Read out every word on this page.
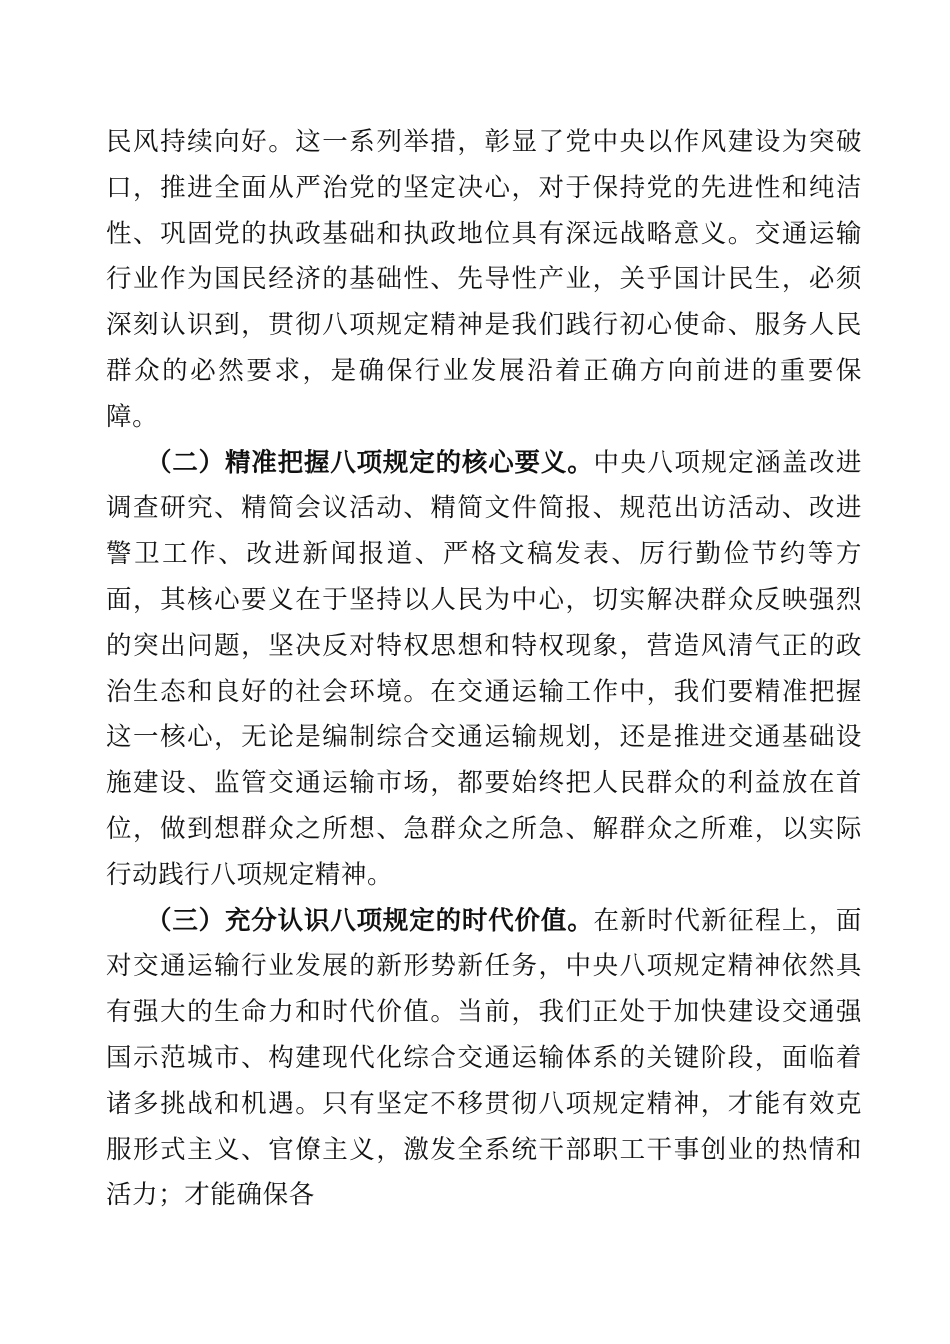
民风持续向好。这一系列举措，彰显了党中央以作风建设为突破口，推进全面从严治党的坚定决心，对于保持党的先进性和纯洁性、巩固党的执政基础和执政地位具有深远战略意义。交通运输行业作为国民经济的基础性、先导性产业，关乎国计民生，必须深刻认识到，贯彻八项规定精神是我们践行初心使命、服务人民群众的必然要求，是确保行业发展沿着正确方向前进的重要保障。

（二）精准把握八项规定的核心要义。中央八项规定涵盖改进调查研究、精简会议活动、精简文件简报、规范出访活动、改进警卫工作、改进新闻报道、严格文稿发表、厉行勤俭节约等方面，其核心要义在于坚持以人民为中心，切实解决群众反映强烈的突出问题，坚决反对特权思想和特权现象，营造风清气正的政治生态和良好的社会环境。在交通运输工作中，我们要精准把握这一核心，无论是编制综合交通运输规划，还是推进交通基础设施建设、监管交通运输市场，都要始终把人民群众的利益放在首位，做到想群众之所想、急群众之所急、解群众之所难，以实际行动践行八项规定精神。

（三）充分认识八项规定的时代价值。在新时代新征程上，面对交通运输行业发展的新形势新任务，中央八项规定精神依然具有强大的生命力和时代价值。当前，我们正处于加快建设交通强国示范城市、构建现代化综合交通运输体系的关键阶段，面临着诸多挑战和机遇。只有坚定不移贯彻八项规定精神，才能有效克服形式主义、官僚主义，激发全系统干部职工干事创业的热情和活力；才能确保各
